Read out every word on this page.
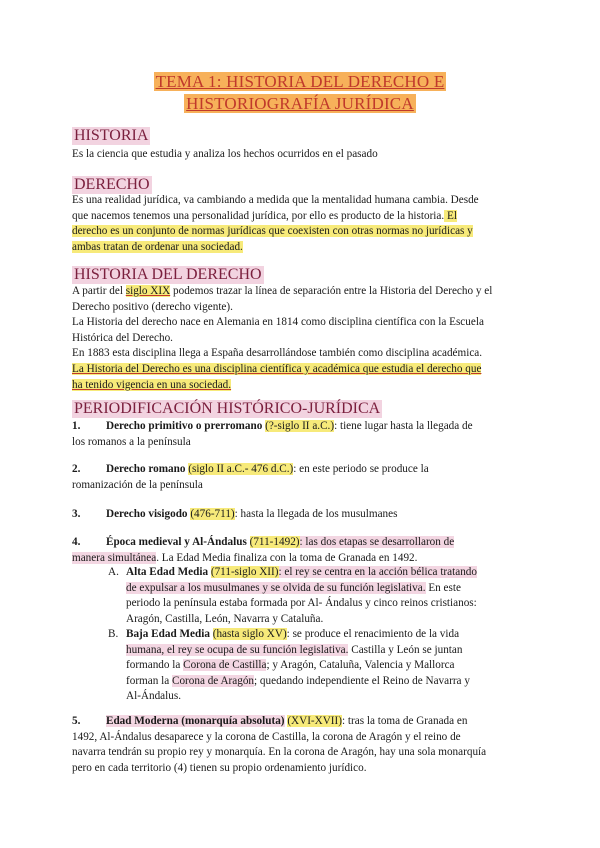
TEMA 1: HISTORIA DEL DERECHO E
HISTORIOGRAFÍA JURÍDICA
HISTORIA
Es la ciencia que estudia y analiza los hechos ocurridos en el pasado
DERECHO
Es una realidad jurídica, va cambiando a medida que la mentalidad humana cambia. Desde
que nacemos tenemos una personalidad jurídica, por ello es producto de la historia. El
derecho es un conjunto de normas jurídicas que coexisten con otras normas no jurídicas y
ambas tratan de ordenar una sociedad.
HISTORIA DEL DERECHO
A partir del siglo XIX podemos trazar la línea de separación entre la Historia del Derecho y el
Derecho positivo (derecho vigente).
La Historia del derecho nace en Alemania en 1814 como disciplina científica con la Escuela
Histórica del Derecho.
En 1883 esta disciplina llega a España desarrollándose también como disciplina académica.
La Historia del Derecho es una disciplina científica y académica que estudia el derecho que
ha tenido vigencia en una sociedad.
PERIODIFICACIÓN HISTÓRICO-JURÍDICA
1. Derecho primitivo o prerromano (?-siglo II a.C.): tiene lugar hasta la llegada de
los romanos a la península
2. Derecho romano (siglo II a.C.- 476 d.C.): en este periodo se produce la
romanización de la península
3. Derecho visigodo (476-711): hasta la llegada de los musulmanes
4. Época medieval y Al-Ándalus (711-1492): las dos etapas se desarrollaron de
manera simultánea. La Edad Media finaliza con la toma de Granada en 1492.
A. Alta Edad Media (711-siglo XII): el rey se centra en la acción bélica tratando
de expulsar a los musulmanes y se olvida de su función legislativa. En este
periodo la península estaba formada por Al- Ándalus y cinco reinos cristianos:
Aragón, Castilla, León, Navarra y Cataluña.
B. Baja Edad Media (hasta siglo XV): se produce el renacimiento de la vida
humana, el rey se ocupa de su función legislativa. Castilla y León se juntan
formando la Corona de Castilla; y Aragón, Cataluña, Valencia y Mallorca
forman la Corona de Aragón; quedando independiente el Reino de Navarra y
Al-Ándalus.
5. Edad Moderna (monarquía absoluta) (XVI-XVII): tras la toma de Granada en
1492, Al-Ándalus desaparece y la corona de Castilla, la corona de Aragón y el reino de
navarra tendrán su propio rey y monarquía. En la corona de Aragón, hay una sola monarquía
pero en cada territorio (4) tienen su propio ordenamiento jurídico.
